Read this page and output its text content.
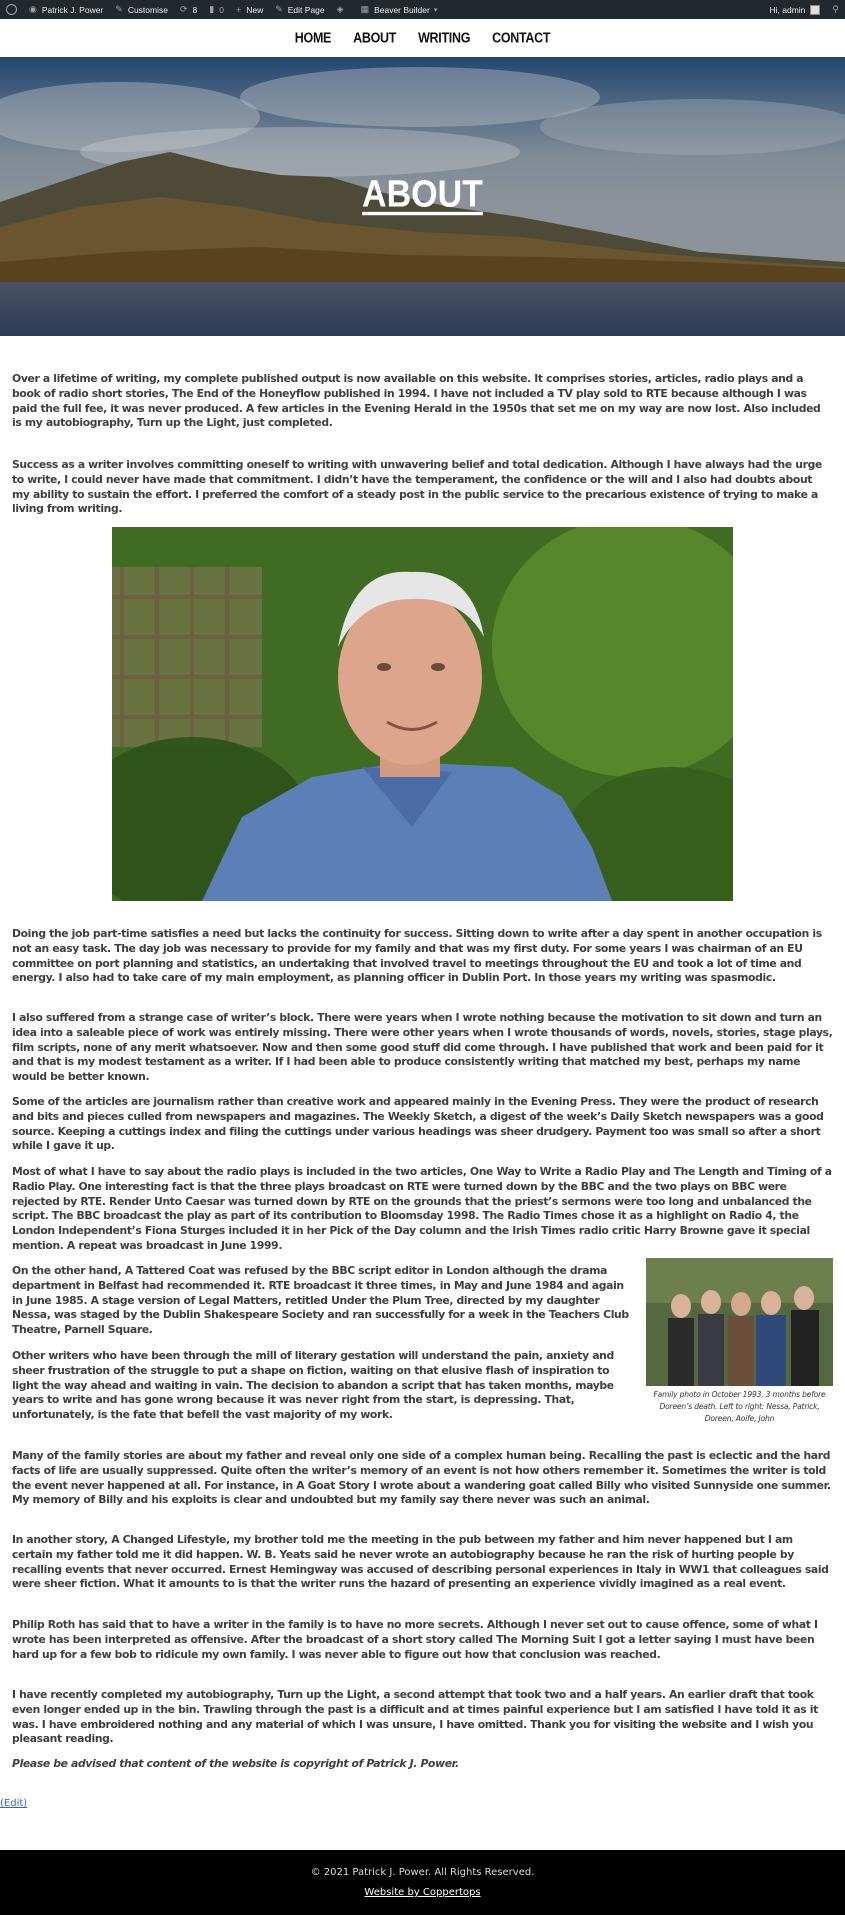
◉ Patrick J. Power ✎ Customise ⟳ 8 ▮ 0 + New ✎ Edit Page ◈ ▦ Beaver Builder ▾	Hi, admin	⚲
HOME ABOUT WRITING CONTACT
ABOUT

Over a lifetime of writing, my complete published output is now available on this website. It comprises stories, articles, radio plays and a book of radio short stories, The End of the Honeyflow published in 1994. I have not included a TV play sold to RTE because although I was paid the full fee, it was never produced. A few articles in the Evening Herald in the 1950s that set me on my way are now lost. Also included is my autobiography, Turn up the Light, just completed.

Success as a writer involves committing oneself to writing with unwavering belief and total dedication. Although I have always had the urge to write, I could never have made that commitment. I didn’t have the temperament, the confidence or the will and I also had doubts about my ability to sustain the effort. I preferred the comfort of a steady post in the public service to the precarious existence of trying to make a living from writing.

Doing the job part-time satisfies a need but lacks the continuity for success. Sitting down to write after a day spent in another occupation is not an easy task. The day job was necessary to provide for my family and that was my first duty. For some years I was chairman of an EU committee on port planning and statistics, an undertaking that involved travel to meetings throughout the EU and took a lot of time and energy. I also had to take care of my main employment, as planning officer in Dublin Port. In those years my writing was spasmodic.

I also suffered from a strange case of writer’s block. There were years when I wrote nothing because the motivation to sit down and turn an idea into a saleable piece of work was entirely missing. There were other years when I wrote thousands of words, novels, stories, stage plays, film scripts, none of any merit whatsoever. Now and then some good stuff did come through. I have published that work and been paid for it and that is my modest testament as a writer. If I had been able to produce consistently writing that matched my best, perhaps my name would be better known.

Some of the articles are journalism rather than creative work and appeared mainly in the Evening Press. They were the product of research and bits and pieces culled from newspapers and magazines. The Weekly Sketch, a digest of the week’s Daily Sketch newspapers was a good source. Keeping a cuttings index and filing the cuttings under various headings was sheer drudgery. Payment too was small so after a short while I gave it up.

Most of what I have to say about the radio plays is included in the two articles, One Way to Write a Radio Play and The Length and Timing of a Radio Play. One interesting fact is that the three plays broadcast on RTE were turned down by the BBC and the two plays on BBC were rejected by RTE. Render Unto Caesar was turned down by RTE on the grounds that the priest’s sermons were too long and unbalanced the script. The BBC broadcast the play as part of its contribution to Bloomsday 1998. The Radio Times chose it as a highlight on Radio 4, the London Independent’s Fiona Sturges included it in her Pick of the Day column and the Irish Times radio critic Harry Browne gave it special mention. A repeat was broadcast in June 1999.

On the other hand, A Tattered Coat was refused by the BBC script editor in London although the drama department in Belfast had recommended it. RTE broadcast it three times, in May and June 1984 and again in June 1985. A stage version of Legal Matters, retitled Under the Plum Tree, directed by my daughter Nessa, was staged by the Dublin Shakespeare Society and ran successfully for a week in the Teachers Club Theatre, Parnell Square.

Other writers who have been through the mill of literary gestation will understand the pain, anxiety and sheer frustration of the struggle to put a shape on fiction, waiting on that elusive flash of inspiration to light the way ahead and waiting in vain. The decision to abandon a script that has taken months, maybe years to write and has gone wrong because it was never right from the start, is depressing. That, unfortunately, is the fate that befell the vast majority of my work.

Family photo in October 1993, 3 months before Doreen’s death. Left to right: Nessa, Patrick, Doreen, Aoife, John

Many of the family stories are about my father and reveal only one side of a complex human being. Recalling the past is eclectic and the hard facts of life are usually suppressed. Quite often the writer’s memory of an event is not how others remember it. Sometimes the writer is told the event never happened at all. For instance, in A Goat Story I wrote about a wandering goat called Billy who visited Sunnyside one summer. My memory of Billy and his exploits is clear and undoubted but my family say there never was such an animal.

In another story, A Changed Lifestyle, my brother told me the meeting in the pub between my father and him never happened but I am certain my father told me it did happen. W. B. Yeats said he never wrote an autobiography because he ran the risk of hurting people by recalling events that never occurred. Ernest Hemingway was accused of describing personal experiences in Italy in WW1 that colleagues said were sheer fiction. What it amounts to is that the writer runs the hazard of presenting an experience vividly imagined as a real event.

Philip Roth has said that to have a writer in the family is to have no more secrets. Although I never set out to cause offence, some of what I wrote has been interpreted as offensive. After the broadcast of a short story called The Morning Suit I got a letter saying I must have been hard up for a few bob to ridicule my own family. I was never able to figure out how that conclusion was reached.

I have recently completed my autobiography, Turn up the Light, a second attempt that took two and a half years. An earlier draft that took even longer ended up in the bin. Trawling through the past is a difficult and at times painful experience but I am satisfied I have told it as it was. I have embroidered nothing and any material of which I was unsure, I have omitted. Thank you for visiting the website and I wish you pleasant reading.

Please be advised that content of the website is copyright of Patrick J. Power.

(Edit)
© 2021 Patrick J. Power. All Rights Reserved.
Website by Coppertops
